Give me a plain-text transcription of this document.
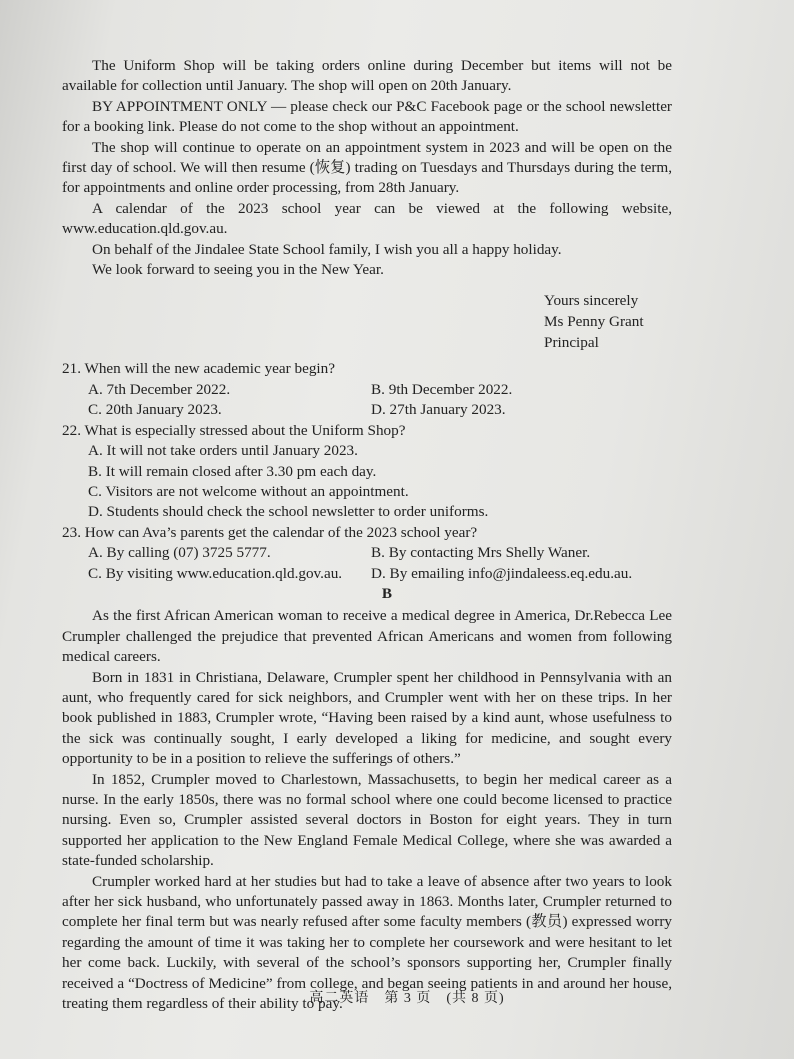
The Uniform Shop will be taking orders online during December but items will not be available for collection until January. The shop will open on 20th January.

BY APPOINTMENT ONLY — please check our P&C Facebook page or the school newsletter for a booking link. Please do not come to the shop without an appointment.

The shop will continue to operate on an appointment system in 2023 and will be open on the first day of school. We will then resume (恢复) trading on Tuesdays and Thursdays during the term, for appointments and online order processing, from 28th January.

A calendar of the 2023 school year can be viewed at the following website, www.education.qld.gov.au.

On behalf of the Jindalee State School family, I wish you all a happy holiday.

We look forward to seeing you in the New Year.

Yours sincerely
Ms Penny Grant
Principal

21. When will the new academic year begin?

A. 7th December 2022.	B. 9th December 2022.
C. 20th January 2023.	D. 27th January 2023.

22. What is especially stressed about the Uniform Shop?

A. It will not take orders until January 2023.
B. It will remain closed after 3.30 pm each day.
C. Visitors are not welcome without an appointment.
D. Students should check the school newsletter to order uniforms.

23. How can Ava’s parents get the calendar of the 2023 school year?

A. By calling (07) 3725 5777.	B. By contacting Mrs Shelly Waner.
C. By visiting www.education.qld.gov.au.	D. By emailing info@jindaleess.eq.edu.au.
B

As the first African American woman to receive a medical degree in America, Dr.Rebecca Lee Crumpler challenged the prejudice that prevented African Americans and women from following medical careers.

Born in 1831 in Christiana, Delaware, Crumpler spent her childhood in Pennsylvania with an aunt, who frequently cared for sick neighbors, and Crumpler went with her on these trips. In her book published in 1883, Crumpler wrote, “Having been raised by a kind aunt, whose usefulness to the sick was continually sought, I early developed a liking for medicine, and sought every opportunity to be in a position to relieve the sufferings of others.”

In 1852, Crumpler moved to Charlestown, Massachusetts, to begin her medical career as a nurse. In the early 1850s, there was no formal school where one could become licensed to practice nursing. Even so, Crumpler assisted several doctors in Boston for eight years. They in turn supported her application to the New England Female Medical College, where she was awarded a state-funded scholarship.

Crumpler worked hard at her studies but had to take a leave of absence after two years to look after her sick husband, who unfortunately passed away in 1863. Months later, Crumpler returned to complete her final term but was nearly refused after some faculty members (教员) expressed worry regarding the amount of time it was taking her to complete her coursework and were hesitant to let her come back. Luckily, with several of the school’s sponsors supporting her, Crumpler finally received a “Doctress of Medicine” from college, and began seeing patients in and around her house, treating them regardless of their ability to pay.

高二英语　第 3 页　(共 8 页)
